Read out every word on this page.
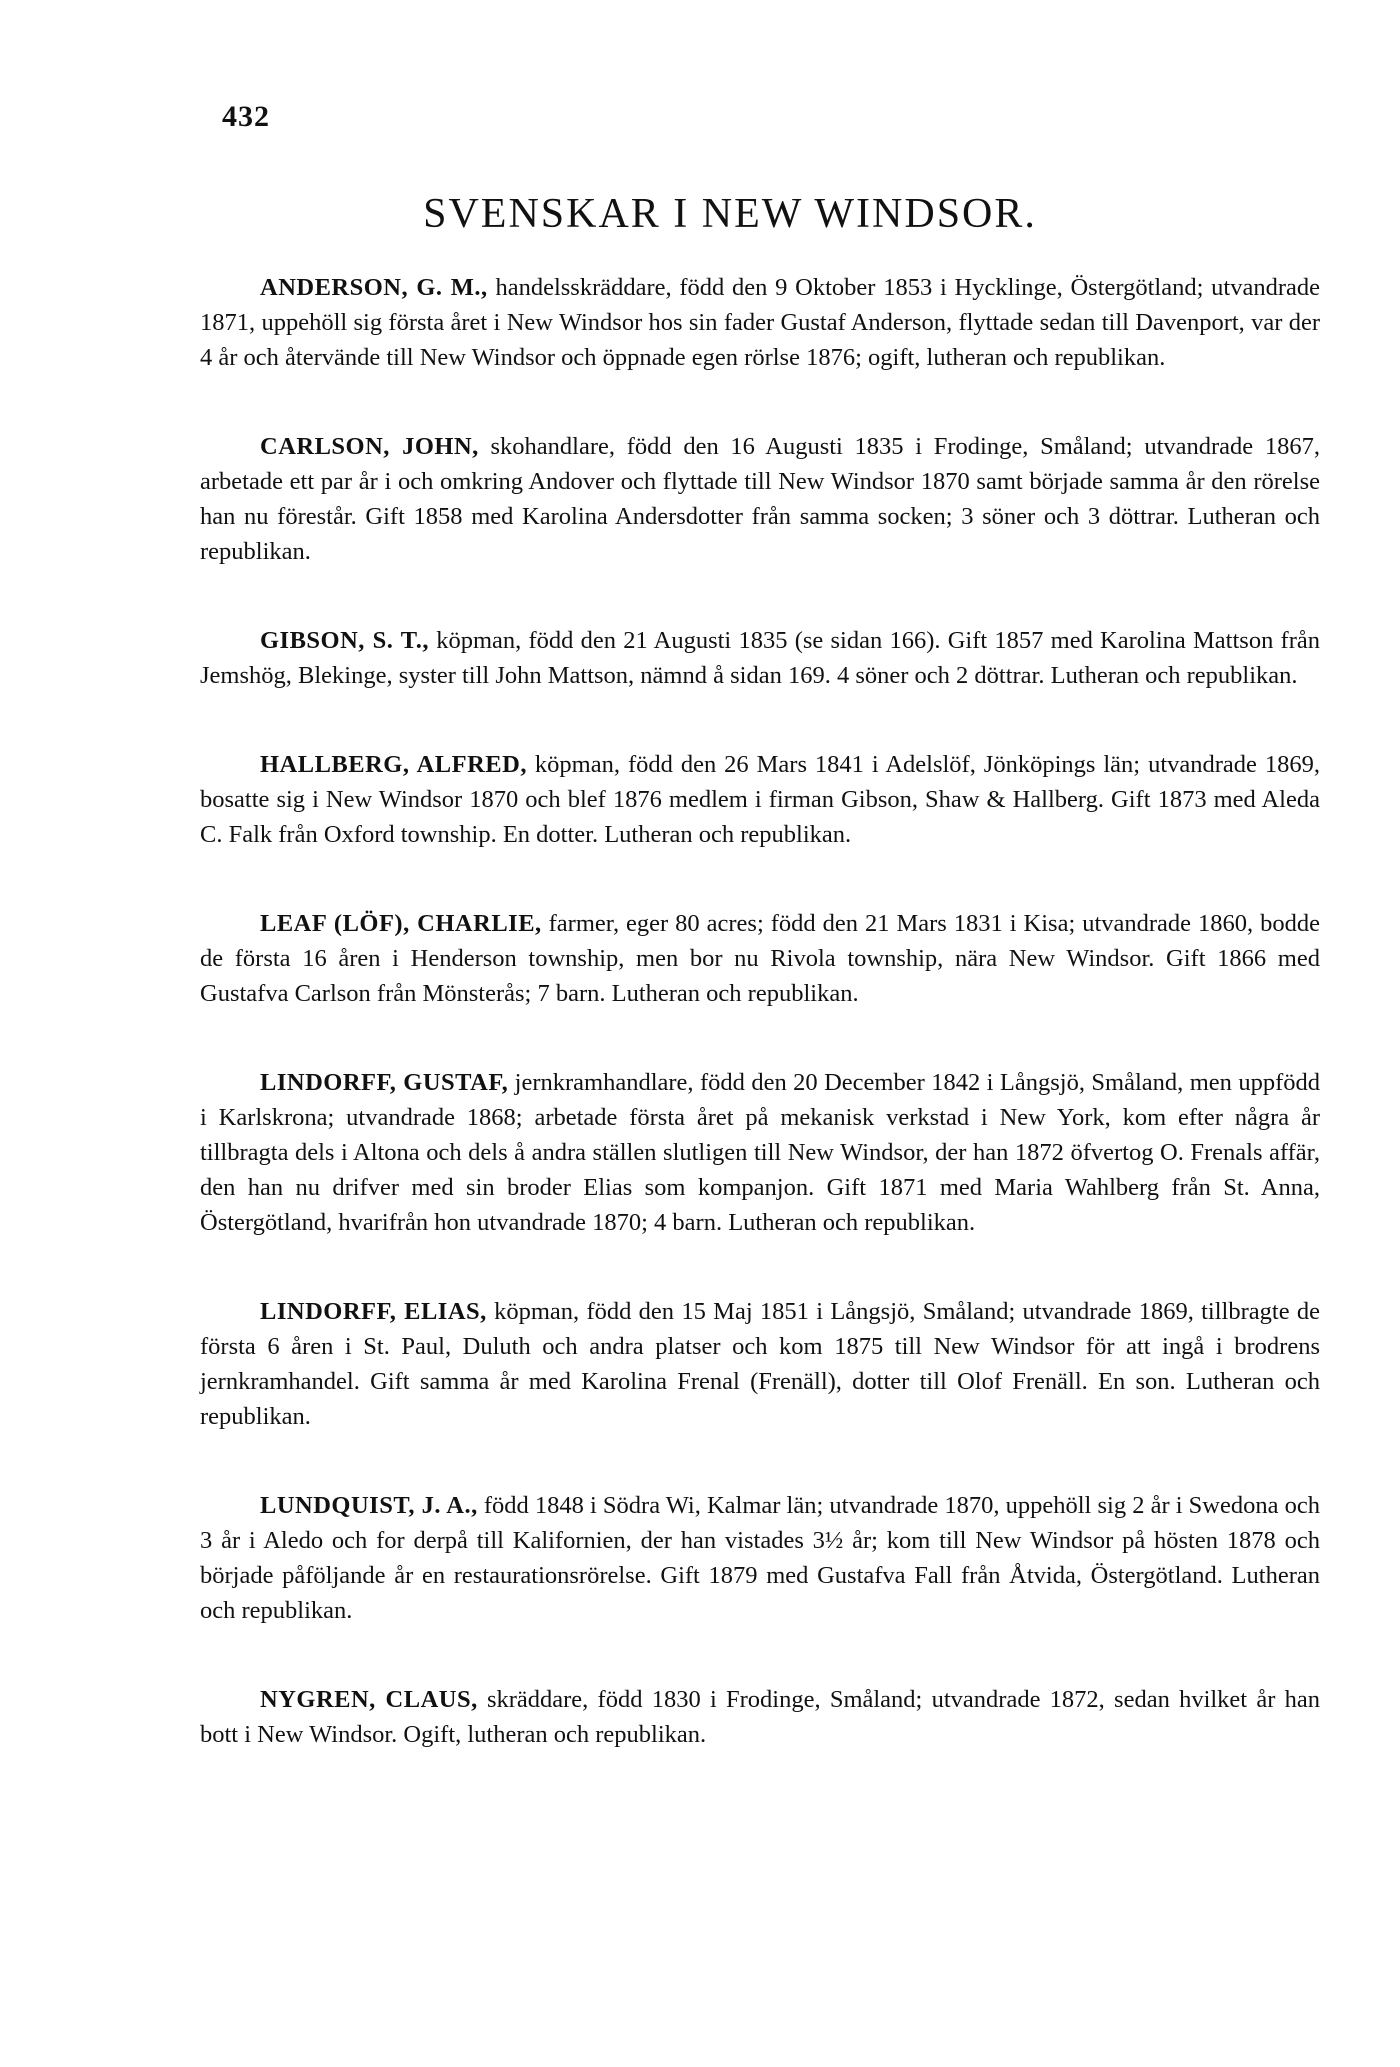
432
SVENSKAR I NEW WINDSOR.

ANDERSON, G. M., handelsskräddare, född den 9 Oktober 1853 i Hycklinge, Östergötland; utvandrade 1871, uppehöll sig första året i New Windsor hos sin fader Gustaf Anderson, flyttade sedan till Davenport, var der 4 år och återvände till New Windsor och öppnade egen rörlse 1876; ogift, lutheran och republikan.

CARLSON, JOHN, skohandlare, född den 16 Augusti 1835 i Frodinge, Småland; utvandrade 1867, arbetade ett par år i och omkring Andover och flyttade till New Windsor 1870 samt började samma år den rörelse han nu förestår. Gift 1858 med Karolina Andersdotter från samma socken; 3 söner och 3 döttrar. Lutheran och republikan.

GIBSON, S. T., köpman, född den 21 Augusti 1835 (se sidan 166). Gift 1857 med Karolina Mattson från Jemshög, Blekinge, syster till John Mattson, nämnd å sidan 169. 4 söner och 2 döttrar. Lutheran och republikan.

HALLBERG, ALFRED, köpman, född den 26 Mars 1841 i Adelslöf, Jönköpings län; utvandrade 1869, bosatte sig i New Windsor 1870 och blef 1876 medlem i firman Gibson, Shaw & Hallberg. Gift 1873 med Aleda C. Falk från Oxford township. En dotter. Lutheran och republikan.

LEAF (LÖF), CHARLIE, farmer, eger 80 acres; född den 21 Mars 1831 i Kisa; utvandrade 1860, bodde de första 16 åren i Henderson township, men bor nu Rivola township, nära New Windsor. Gift 1866 med Gustafva Carlson från Mönsterås; 7 barn. Lutheran och republikan.

LINDORFF, GUSTAF, jernkramhandlare, född den 20 December 1842 i Långsjö, Småland, men uppfödd i Karlskrona; utvandrade 1868; arbetade första året på mekanisk verkstad i New York, kom efter några år tillbragta dels i Altona och dels å andra ställen slutligen till New Windsor, der han 1872 öfvertog O. Frenals affär, den han nu drifver med sin broder Elias som kompanjon. Gift 1871 med Maria Wahlberg från St. Anna, Östergötland, hvarifrån hon utvandrade 1870; 4 barn. Lutheran och republikan.

LINDORFF, ELIAS, köpman, född den 15 Maj 1851 i Långsjö, Småland; utvandrade 1869, tillbragte de första 6 åren i St. Paul, Duluth och andra platser och kom 1875 till New Windsor för att ingå i brodrens jernkramhandel. Gift samma år med Karolina Frenal (Frenäll), dotter till Olof Frenäll. En son. Lutheran och republikan.

LUNDQUIST, J. A., född 1848 i Södra Wi, Kalmar län; utvandrade 1870, uppehöll sig 2 år i Swedona och 3 år i Aledo och for derpå till Kalifornien, der han vistades 3½ år; kom till New Windsor på hösten 1878 och började påföljande år en restaurationsrörelse. Gift 1879 med Gustafva Fall från Åtvida, Östergötland. Lutheran och republikan.

NYGREN, CLAUS, skräddare, född 1830 i Frodinge, Småland; utvandrade 1872, sedan hvilket år han bott i New Windsor. Ogift, lutheran och republikan.
